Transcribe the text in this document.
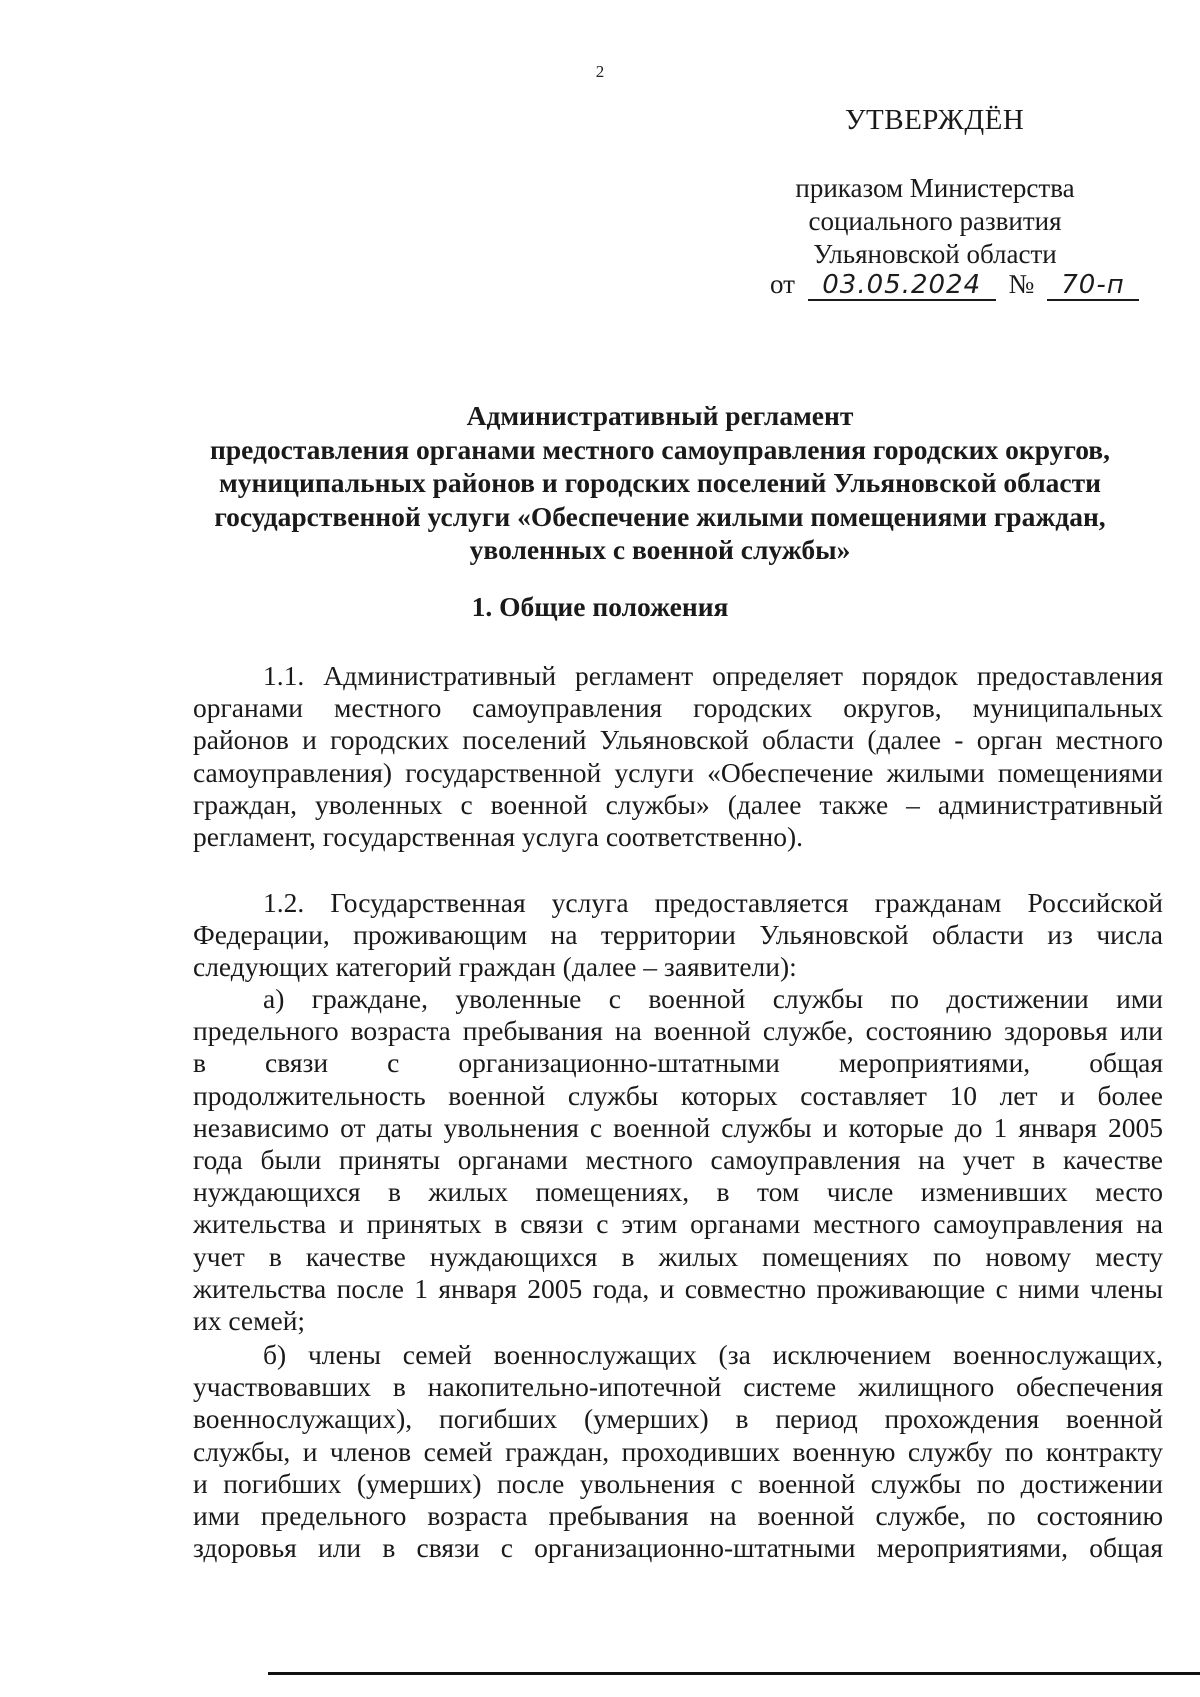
2
УТВЕРЖДЁН
приказом Министерства
социального развития
Ульяновской области
от 03.05.2024 № 70-п
Административный регламент
предоставления органами местного самоуправления городских округов,
муниципальных районов и городских поселений Ульяновской области
государственной услуги «Обеспечение жилыми помещениями граждан,
уволенных с военной службы»
1. Общие положения
1.1. Административный регламент определяет порядок предоставления
органами местного самоуправления городских округов, муниципальных
районов и городских поселений Ульяновской области (далее - орган местного
самоуправления) государственной услуги «Обеспечение жилыми помещениями
граждан, уволенных с военной службы» (далее также – административный
регламент, государственная услуга соответственно).
1.2. Государственная услуга предоставляется гражданам Российской
Федерации, проживающим на территории Ульяновской области из числа
следующих категорий граждан (далее – заявители):
а) граждане, уволенные с военной службы по достижении ими
предельного возраста пребывания на военной службе, состоянию здоровья или
в связи с организационно-штатными мероприятиями, общая
продолжительность военной службы которых составляет 10 лет и более
независимо от даты увольнения с военной службы и которые до 1 января 2005
года были приняты органами местного самоуправления на учет в качестве
нуждающихся в жилых помещениях, в том числе изменивших место
жительства и принятых в связи с этим органами местного самоуправления на
учет в качестве нуждающихся в жилых помещениях по новому месту
жительства после 1 января 2005 года, и совместно проживающие с ними члены
их семей;
б) члены семей военнослужащих (за исключением военнослужащих,
участвовавших в накопительно-ипотечной системе жилищного обеспечения
военнослужащих), погибших (умерших) в период прохождения военной
службы, и членов семей граждан, проходивших военную службу по контракту
и погибших (умерших) после увольнения с военной службы по достижении
ими предельного возраста пребывания на военной службе, по состоянию
здоровья или в связи с организационно-штатными мероприятиями, общая
